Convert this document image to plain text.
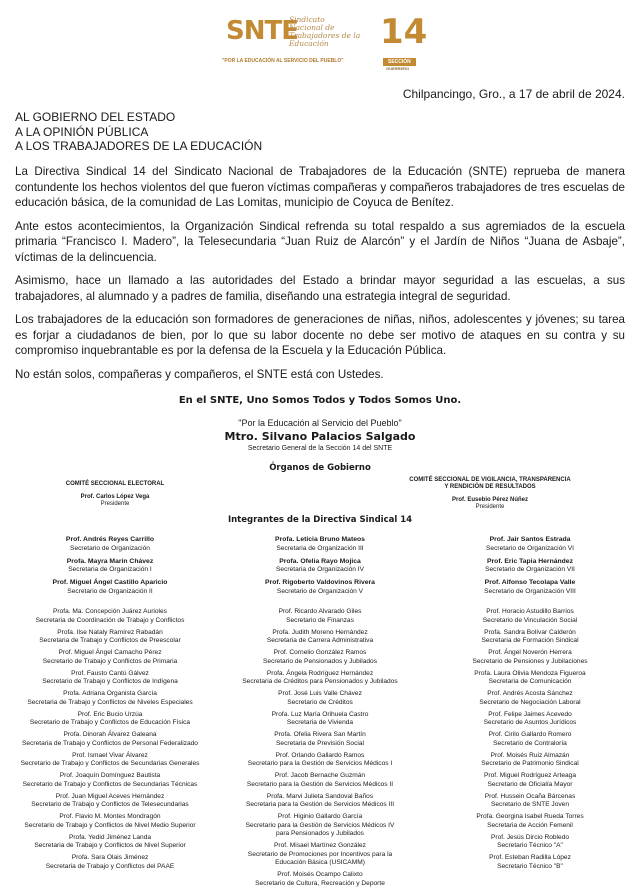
SNTE
Sindicato
Nacional de
Trabajadores de la
Educación
"POR LA EDUCACIÓN AL SERVICIO DEL PUEBLO"
14
SECCIÓN
GUERRERO
Chilpancingo, Gro., a 17 de abril de 2024.
AL GOBIERNO DEL ESTADO
A LA OPINIÓN PÚBLICA
A LOS TRABAJADORES DE LA EDUCACIÓN

La Directiva Sindical 14 del Sindicato Nacional de Trabajadores de la Educación (SNTE) reprueba de manera contundente los hechos violentos del que fueron víctimas compañeras y compañeros trabajadores de tres escuelas de educación básica, de la comunidad de Las Lomitas, municipio de Coyuca de Benítez.

Ante estos acontecimientos, la Organización Sindical refrenda su total respaldo a sus agremiados de la escuela primaria “Francisco I. Madero”, la Telesecundaria “Juan Ruiz de Alarcón” y el Jardín de Niños “Juana de Asbaje”, víctimas de la delincuencia.

Asimismo, hace un llamado a las autoridades del Estado a brindar mayor seguridad a las escuelas, a sus trabajadores, al alumnado y a padres de familia, diseñando una estrategia integral de seguridad.

Los trabajadores de la educación son formadores de generaciones de niñas, niños, adolescentes y jóvenes; su tarea es forjar a ciudadanos de bien, por lo que su labor docente no debe ser motivo de ataques en su contra y su compromiso inquebrantable es por la defensa de la Escuela y la Educación Pública.

No están solos, compañeras y compañeros, el SNTE está con Ustedes.

En el SNTE, Uno Somos Todos y Todos Somos Uno.
"Por la Educación al Servicio del Pueblo"
Mtro. Silvano Palacios Salgado
Secretario General de la Sección 14 del SNTE
Órganos de Gobierno
COMITÉ SECCIONAL ELECTORAL
Prof. Carlos López Vega
Presidente
COMITÉ SECCIONAL DE VIGILANCIA, TRANSPARENCIA
Y RENDICIÓN DE RESULTADOS
Prof. Eusebio Pérez Núñez
Presidente
Integrantes de la Directiva Sindical 14
Prof. Andrés Reyes Carrillo
Secretario de Organización
Profa. Mayra Marín Chávez
Secretaria de Organización I
Prof. Miguel Ángel Castillo Aparicio
Secretario de Organización II
Profa. Ma. Concepción Juárez Aurioles
Secretaria de Coordinación de Trabajo y Conflictos
Profa. Ilse Nataly Ramírez Rabadán
Secretaria de Trabajo y Conflictos de Preescolar
Prof. Miguel Ángel Camacho Pérez
Secretario de Trabajo y Conflictos de Primaria
Prof. Fausto Cantú Gálvez
Secretario de Trabajo y Conflictos de Indígena
Profa. Adriana Organista García
Secretaria de Trabajo y Conflictos de Niveles Especiales
Prof. Eric Bucio Urzúa
Secretario de Trabajo y Conflictos de Educación Física
Profa. Dinorah Álvarez Galeana
Secretaria de Trabajo y Conflictos de Personal Federalizado
Prof. Ismael Vivar Álvarez
Secretario de Trabajo y Conflictos de Secundarias Generales
Prof. Joaquín Domínguez Bautista
Secretario de Trabajo y Conflictos de Secundarias Técnicas
Prof. Juan Miguel Aceves Hernández
Secretario de Trabajo y Conflictos de Telesecundarias
Prof. Flavio M. Montes Mondragón
Secretario de Trabajo y Conflictos de Nivel Medio Superior
Profa. Yedid Jiménez Landa
Secretaria de Trabajo y Conflictos de Nivel Superior
Profa. Sara Olais Jiménez
Secretaria de Trabajo y Conflictos del PAAE
Profa. Leticia Bruno Mateos
Secretaria de Organización III
Profa. Ofelia Rayo Mojica
Secretaria de Organización IV
Prof. Rigoberto Valdovinos Rivera
Secretario de Organización V
Prof. Ricardo Alvarado Giles
Secretario de Finanzas
Profa. Judith Moreno Hernández
Secretaria de Carrera Administrativa
Prof. Cornelio González Ramos
Secretario de Pensionados y Jubilados
Profa. Ángela Rodríguez Hernández
Secretaria de Créditos para Pensionados y Jubilados
Prof. José Luis Valle Chávez
Secretario de Créditos
Profa. Luz María Orihuela Castro
Secretaria de Vivienda
Profa. Ofelia Rivera San Martín
Secretaria de Previsión Social
Prof. Orlando Gallardo Ramos
Secretario para la Gestión de Servicios Médicos I
Prof. Jacob Bernache Guzmán
Secretario para la Gestión de Servicios Médicos II
Profa. Marvi Julieta Sandoval Baños
Secretaria para la Gestión de Servicios Médicos III
Prof. Higinio Gallardo García
Secretario para la Gestión de Servicios Médicos IV
para Pensionados y Jubilados
Prof. Misael Martínez González
Secretario de Promociones por Incentivos para la
Educación Básica (USICAMM)
Prof. Moisés Ocampo Calixto
Secretario de Cultura, Recreación y Deporte
Prof. Jair Santos Estrada
Secretario de Organización VI
Prof. Eric Tapia Hernández
Secretario de Organización VII
Prof. Alfonso Tecolapa Valle
Secretario de Organización VIII
Prof. Horacio Astudillo Barrios
Secretario de Vinculación Social
Profa. Sandra Bolívar Calderón
Secretaria de Formación Sindical
Prof. Ángel Noverón Herrera
Secretario de Pensiones y Jubilaciones
Profa. Laura Olivia Mendoza Figueroa
Secretaria de Comunicación
Prof. Andrés Acosta Sánchez
Secretario de Negociación Laboral
Prof. Felipe Jaimes Acevedo
Secretario de Asuntos Jurídicos
Prof. Cirilo Gallardo Romero
Secretario de Contraloría
Prof. Moisés Ruiz Almazán
Secretario de Patrimonio Sindical
Prof. Miguel Rodríguez Arteaga
Secretario de Oficialía Mayor
Prof. Hussein Ocaña Bárcenas
Secretario de SNTE Joven
Profa. Georgina Isabel Rueda Torres
Secretaria de Acción Femenil
Prof. Jesús Dircio Robledo
Secretario Técnico "A"
Prof. Esteban Radilla López
Secretario Técnico "B"
